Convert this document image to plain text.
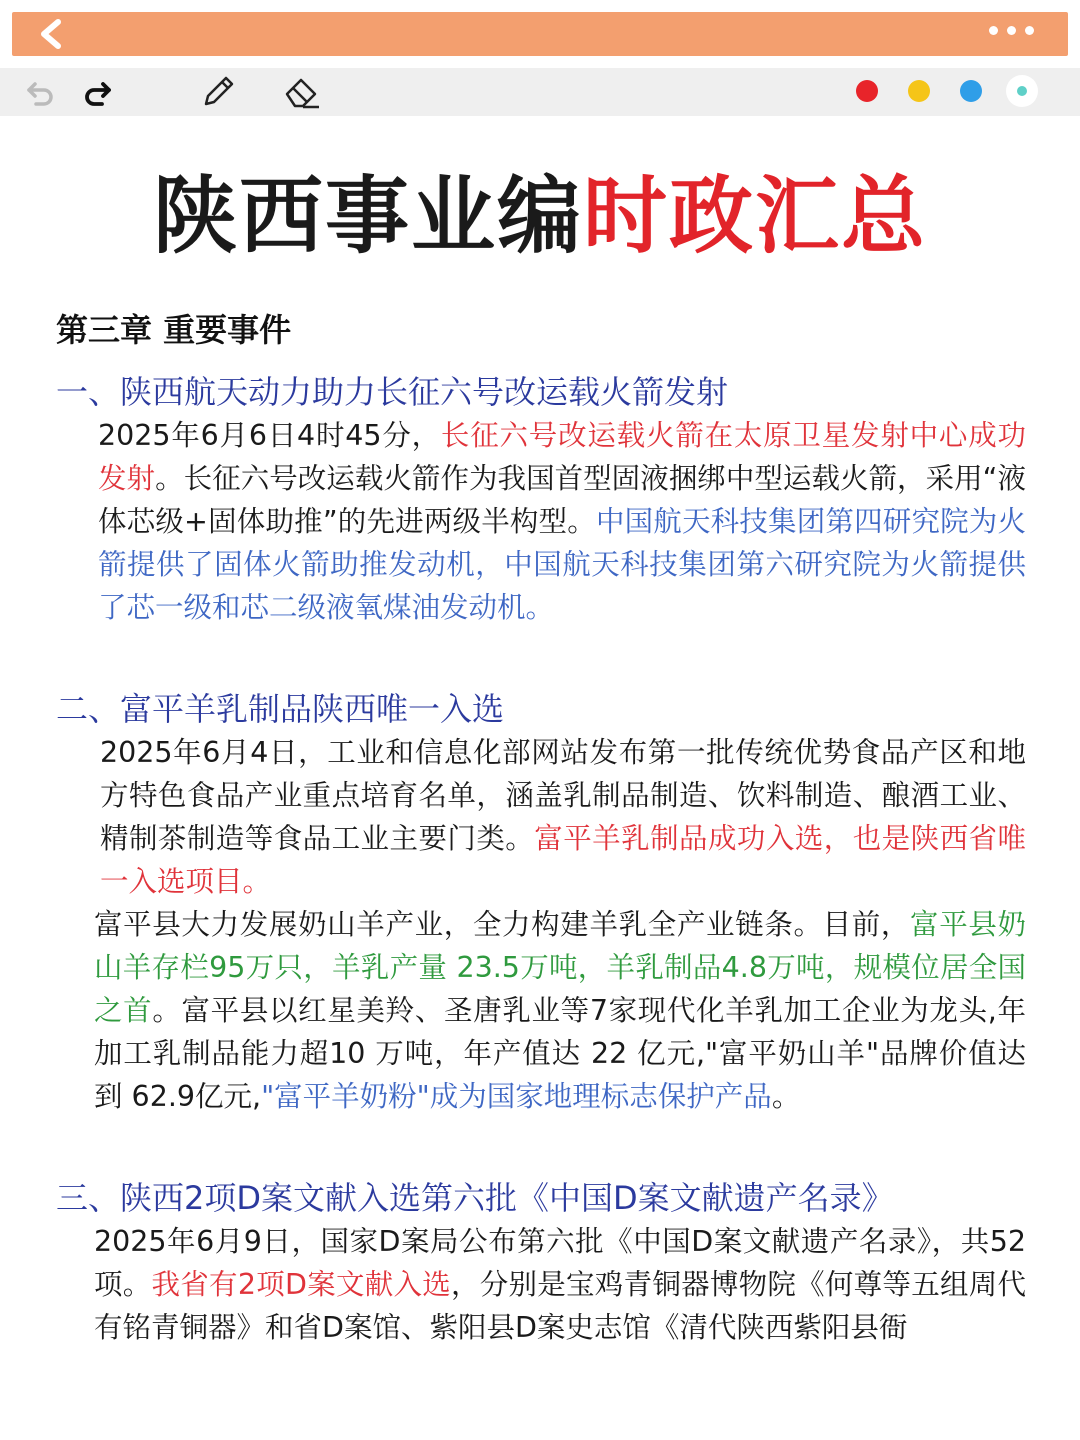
陕西事业编时政汇总
第三章 重要事件

一、陕西航天动力助力长征六号改运载火箭发射

2025年6月6日4时45分，长征六号改运载火箭在太原卫星发射中心成功发射。长征六号改运载火箭作为我国首型固液捆绑中型运载火箭，采用“液体芯级+固体助推”的先进两级半构型。中国航天科技集团第四研究院为火箭提供了固体火箭助推发动机，中国航天科技集团第六研究院为火箭提供了芯一级和芯二级液氧煤油发动机。

二、富平羊乳制品陕西唯一入选

2025年6月4日，工业和信息化部网站发布第一批传统优势食品产区和地方特色食品产业重点培育名单，涵盖乳制品制造、饮料制造、酿酒工业、精制茶制造等食品工业主要门类。富平羊乳制品成功入选，也是陕西省唯一入选项目。

富平县大力发展奶山羊产业，全力构建羊乳全产业链条。目前，富平县奶山羊存栏95万只，羊乳产量 23.5万吨，羊乳制品4.8万吨，规模位居全国之首。富平县以红星美羚、圣唐乳业等7家现代化羊乳加工企业为龙头,年加工乳制品能力超10 万吨，年产值达 22 亿元,"富平奶山羊"品牌价值达到 62.9亿元,"富平羊奶粉"成为国家地理标志保护产品。

三、陕西2项D案文献入选第六批《中国D案文献遗产名录》

2025年6月9日，国家D案局公布第六批《中国D案文献遗产名录》，共52项。我省有2项D案文献入选，分别是宝鸡青铜器博物院《何尊等五组周代有铭青铜器》和省D案馆、紫阳县D案史志馆《清代陕西紫阳县衙
